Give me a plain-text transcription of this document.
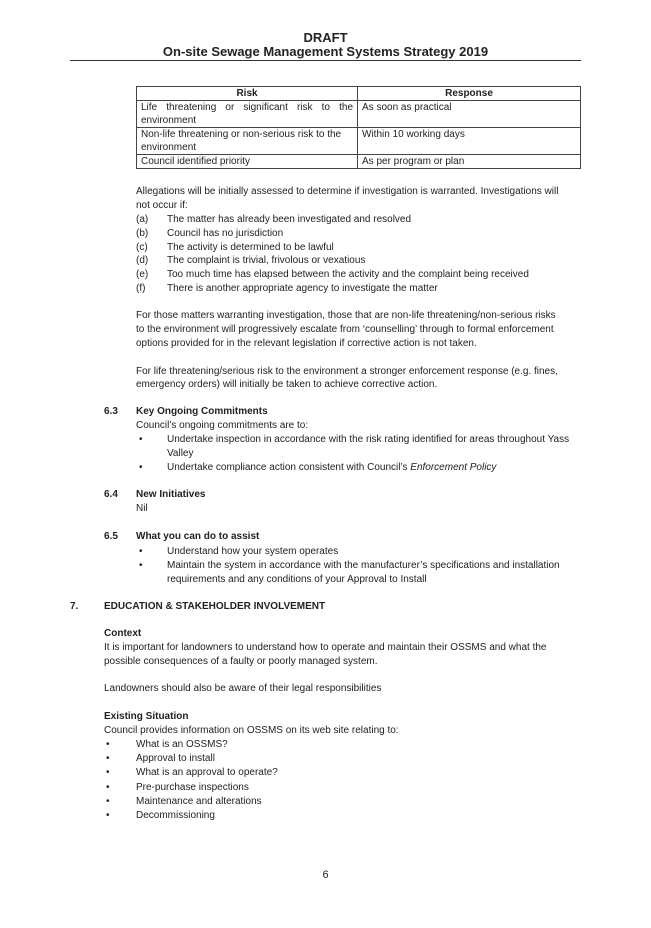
DRAFT
On-site Sewage Management Systems Strategy 2019
Risk	Response

Life threatening or significant risk to the
environment	As soon as practical

Non-life threatening or non-serious risk to the
environment	Within 10 working days
Council identified priority	As per program or plan
Allegations will be initially assessed to determine if investigation is warranted. Investigations will
not occur if:
(a) The matter has already been investigated and resolved
(b) Council has no jurisdiction
(c) The activity is determined to be lawful
(d) The complaint is trivial, frivolous or vexatious
(e) Too much time has elapsed between the activity and the complaint being received
(f) There is another appropriate agency to investigate the matter
For those matters warranting investigation, those that are non-life threatening/non-serious risks
to the environment will progressively escalate from ‘counselling’ through to formal enforcement
options provided for in the relevant legislation if corrective action is not taken.
For life threatening/serious risk to the environment a stronger enforcement response (e.g. fines,
emergency orders) will initially be taken to achieve corrective action.
6.3 Key Ongoing Commitments
Council’s ongoing commitments are to:
• Undertake inspection in accordance with the risk rating identified for areas throughout Yass
Valley
• Undertake compliance action consistent with Council’s Enforcement Policy
6.4 New Initiatives
Nil
6.5 What you can do to assist
• Understand how your system operates
• Maintain the system in accordance with the manufacturer’s specifications and installation
requirements and any conditions of your Approval to Install
7.	EDUCATION & STAKEHOLDER INVOLVEMENT
Context
It is important for landowners to understand how to operate and maintain their OSSMS and what the
possible consequences of a faulty or poorly managed system.
Landowners should also be aware of their legal responsibilities
Existing Situation
Council provides information on OSSMS on its web site relating to:
•	What is an OSSMS?
•	Approval to install
•	What is an approval to operate?
•	Pre-purchase inspections
•	Maintenance and alterations
•	Decommissioning
6
